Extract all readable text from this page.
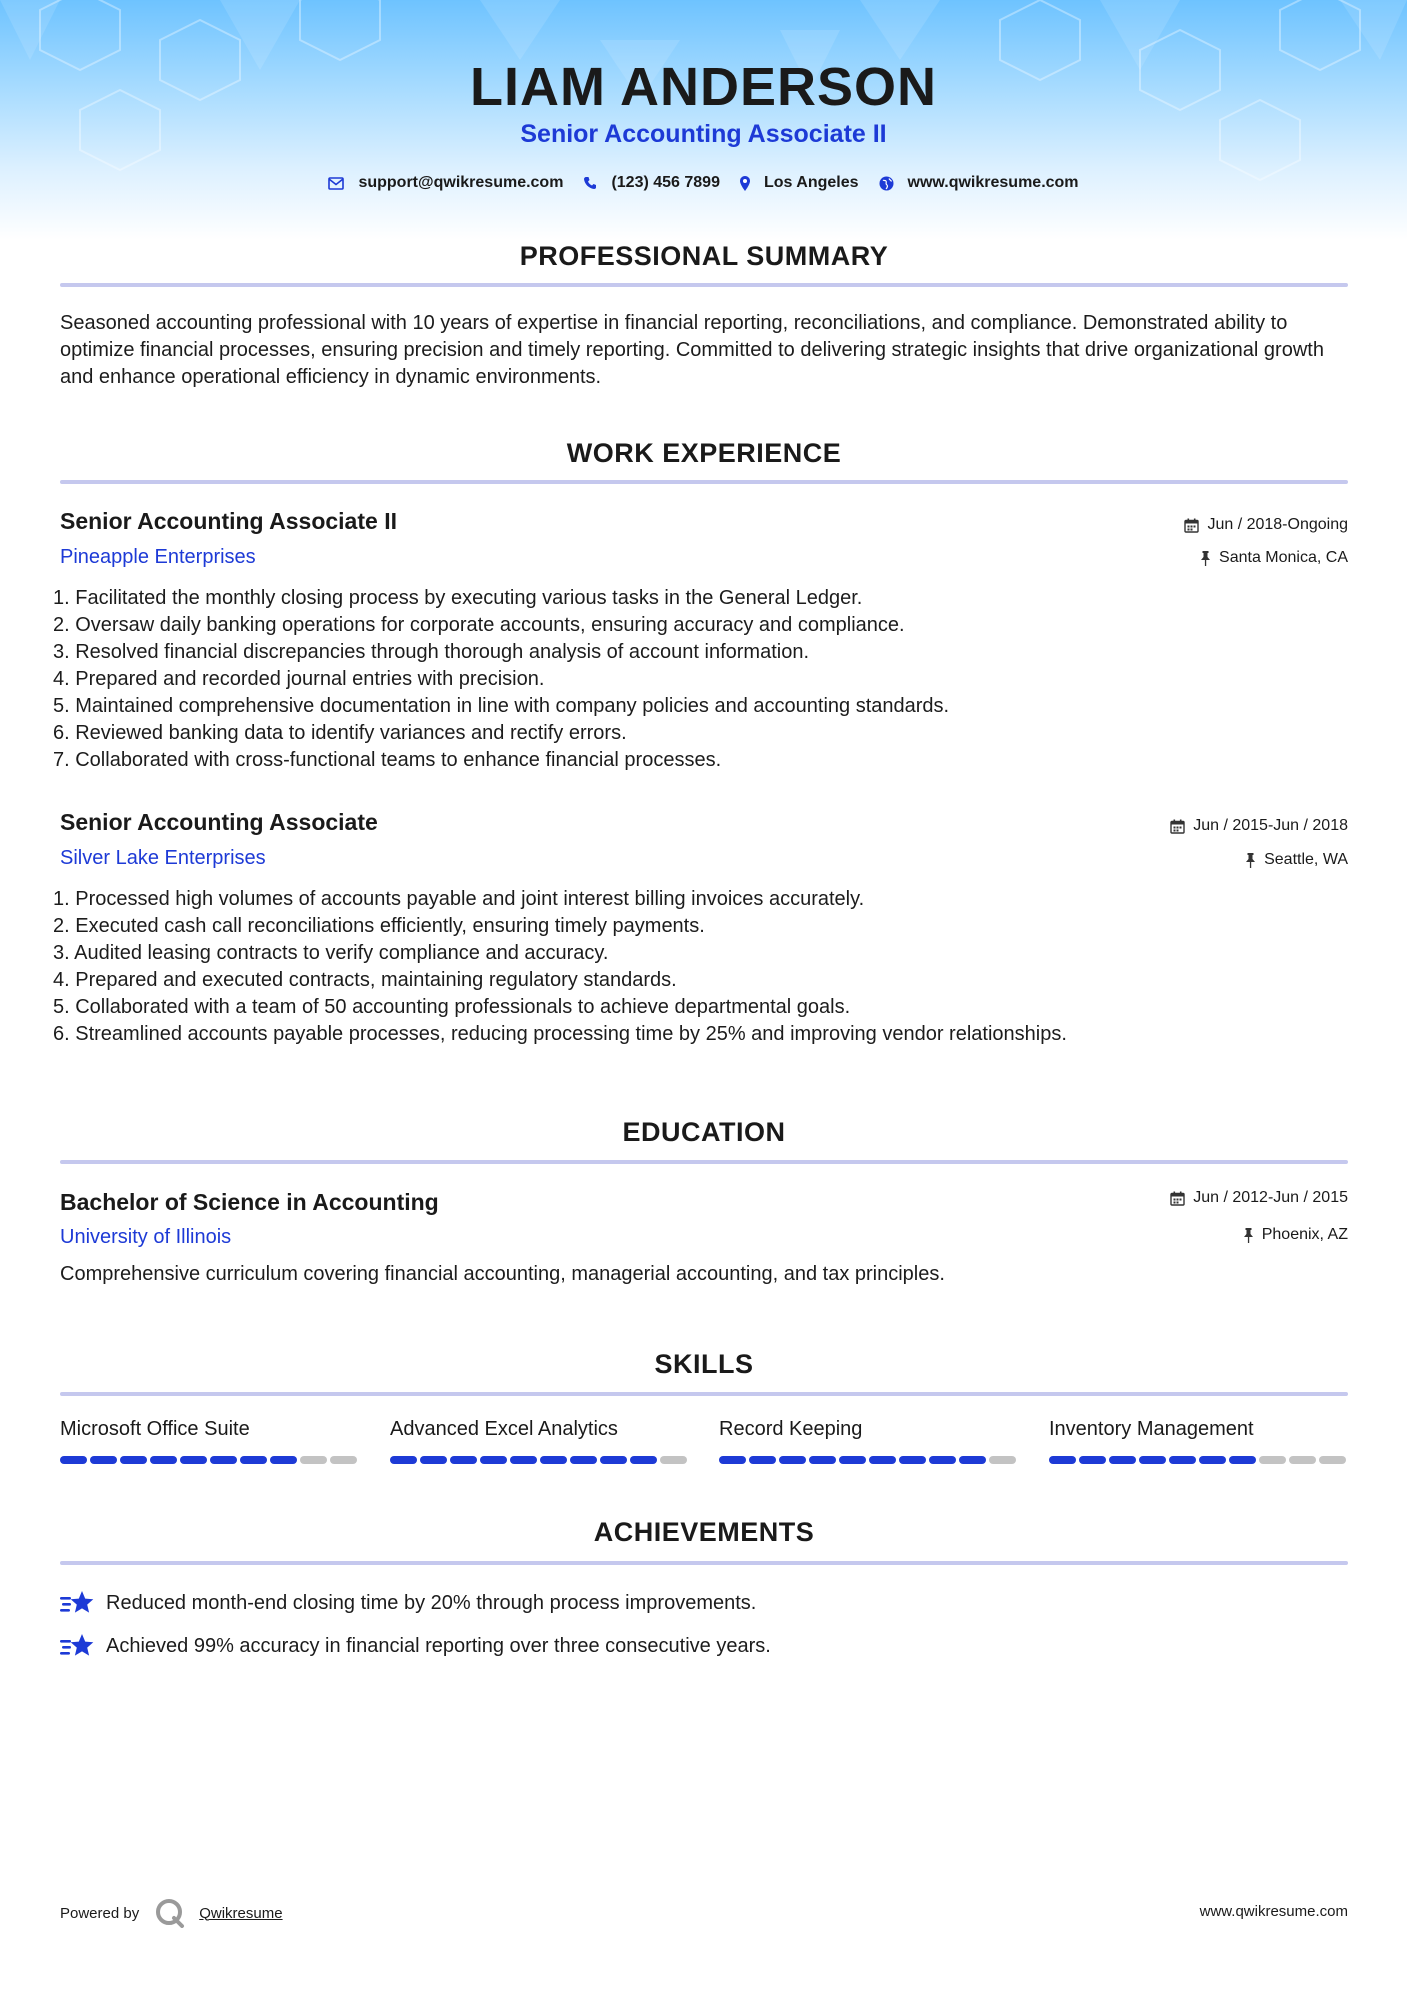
LIAM ANDERSON
Senior Accounting Associate II
support@qwikresume.com	(123) 456 7899	Los Angeles	www.qwikresume.com
PROFESSIONAL SUMMARY

Seasoned accounting professional with 10 years of expertise in financial reporting, reconciliations, and compliance. Demonstrated ability to optimize financial processes, ensuring precision and timely reporting. Committed to delivering strategic insights that drive organizational growth and enhance operational efficiency in dynamic environments.

WORK EXPERIENCE
Senior Accounting Associate II	Jun / 2018-Ongoing
Pineapple Enterprises	Santa Monica, CA
1. Facilitated the monthly closing process by executing various tasks in the General Ledger.
2. Oversaw daily banking operations for corporate accounts, ensuring accuracy and compliance.
3. Resolved financial discrepancies through thorough analysis of account information.
4. Prepared and recorded journal entries with precision.
5. Maintained comprehensive documentation in line with company policies and accounting standards.
6. Reviewed banking data to identify variances and rectify errors.
7. Collaborated with cross-functional teams to enhance financial processes.
Senior Accounting Associate	Jun / 2015-Jun / 2018
Silver Lake Enterprises	Seattle, WA
1. Processed high volumes of accounts payable and joint interest billing invoices accurately.
2. Executed cash call reconciliations efficiently, ensuring timely payments.
3. Audited leasing contracts to verify compliance and accuracy.
4. Prepared and executed contracts, maintaining regulatory standards.
5. Collaborated with a team of 50 accounting professionals to achieve departmental goals.
6. Streamlined accounts payable processes, reducing processing time by 25% and improving vendor relationships.
EDUCATION
Bachelor of Science in Accounting	Jun / 2012-Jun / 2015
University of Illinois	Phoenix, AZ

Comprehensive curriculum covering financial accounting, managerial accounting, and tax principles.

SKILLS
Microsoft Office Suite	Advanced Excel Analytics	Record Keeping	Inventory Management
ACHIEVEMENTS
Reduced month-end closing time by 20% through process improvements.
Achieved 99% accuracy in financial reporting over three consecutive years.
Powered by	Qwikresume	www.qwikresume.com
